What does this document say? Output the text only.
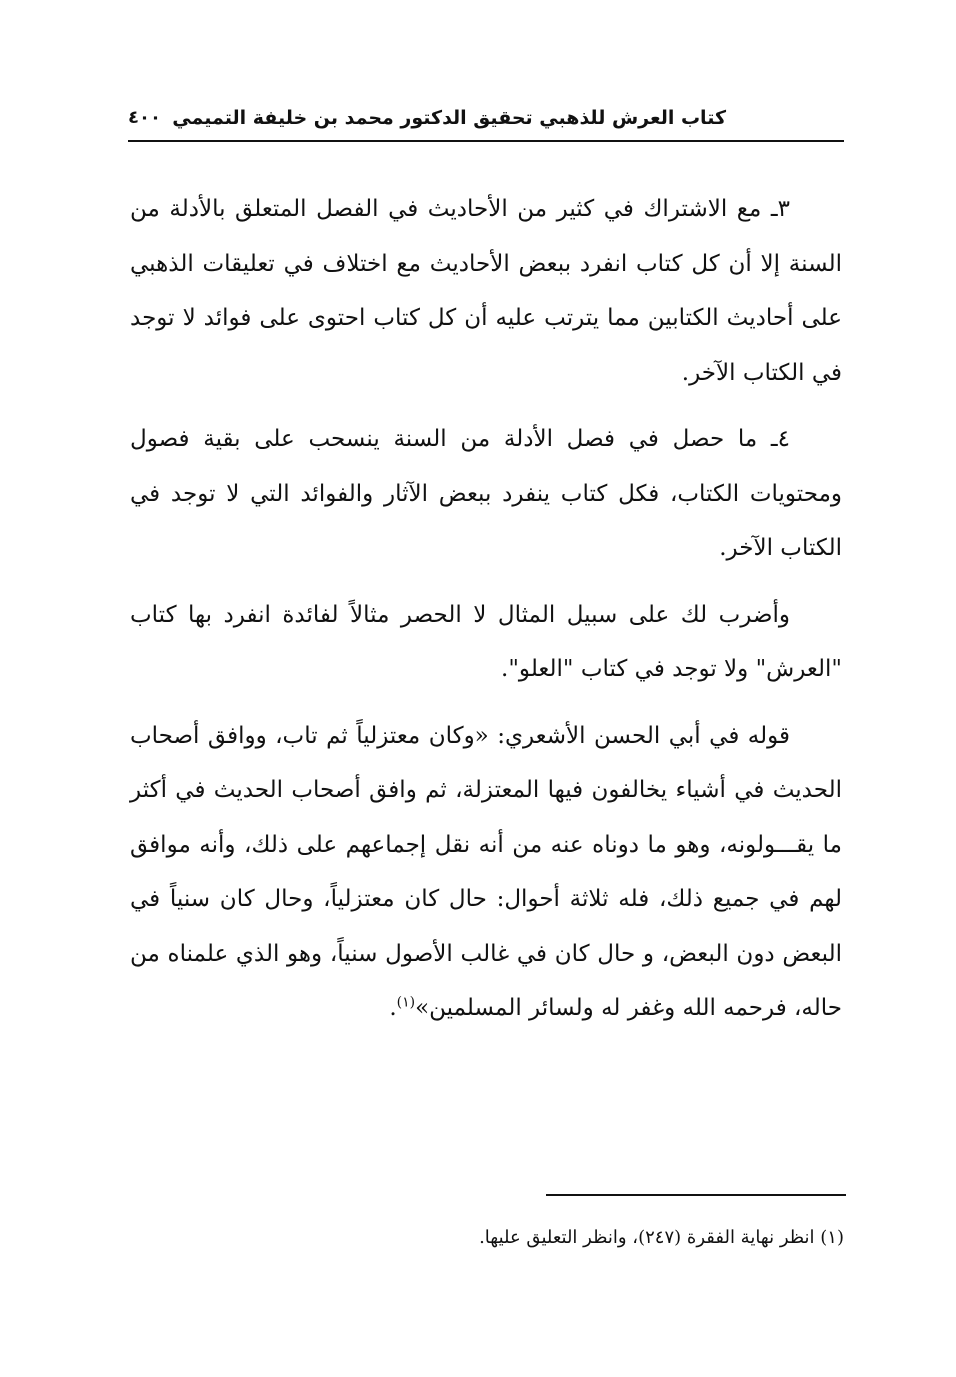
كتاب العرش للذهبي تحقيق الدكتور محمد بن خليفة التميمي
٤٠٠

٣ـ مع الاشتراك في كثير من الأحاديث في الفصل المتعلق بالأدلة من السنة إلا أن كل كتاب انفرد ببعض الأحاديث مع اختلاف في تعليقات الذهبي على أحاديث الكتابين مما يترتب عليه أن كل كتاب احتوى على فوائد لا توجد في الكتاب الآخر.

٤ـ ما حصل في فصل الأدلة من السنة ينسحب على بقية فصول ومحتويات الكتاب، فكل كتاب ينفرد ببعض الآثار والفوائد التي لا توجد في الكتاب الآخر.

وأضرب لك على سبيل المثال لا الحصر مثالاً لفائدة انفرد بها كتاب "العرش" ولا توجد في كتاب "العلو".

قوله في أبي الحسن الأشعري: «وكان معتزلياً ثم تاب، ووافق أصحاب الحديث في أشياء يخالفون فيها المعتزلة، ثم وافق أصحاب الحديث في أكثر ما يقـــولونه، وهو ما دوناه عنه من أنه نقل إجماعهم على ذلك، وأنه موافق لهم في جميع ذلك، فله ثلاثة أحوال: حال كان معتزلياً، وحال كان سنياً في البعض دون البعض، و حال كان في غالب الأصول سنياً، وهو الذي علمناه من حاله، فرحمه الله وغفر له ولسائر المسلمين»$^{(١)}$.

(١) انظر نهاية الفقرة (٢٤٧)، وانظر التعليق عليها.
